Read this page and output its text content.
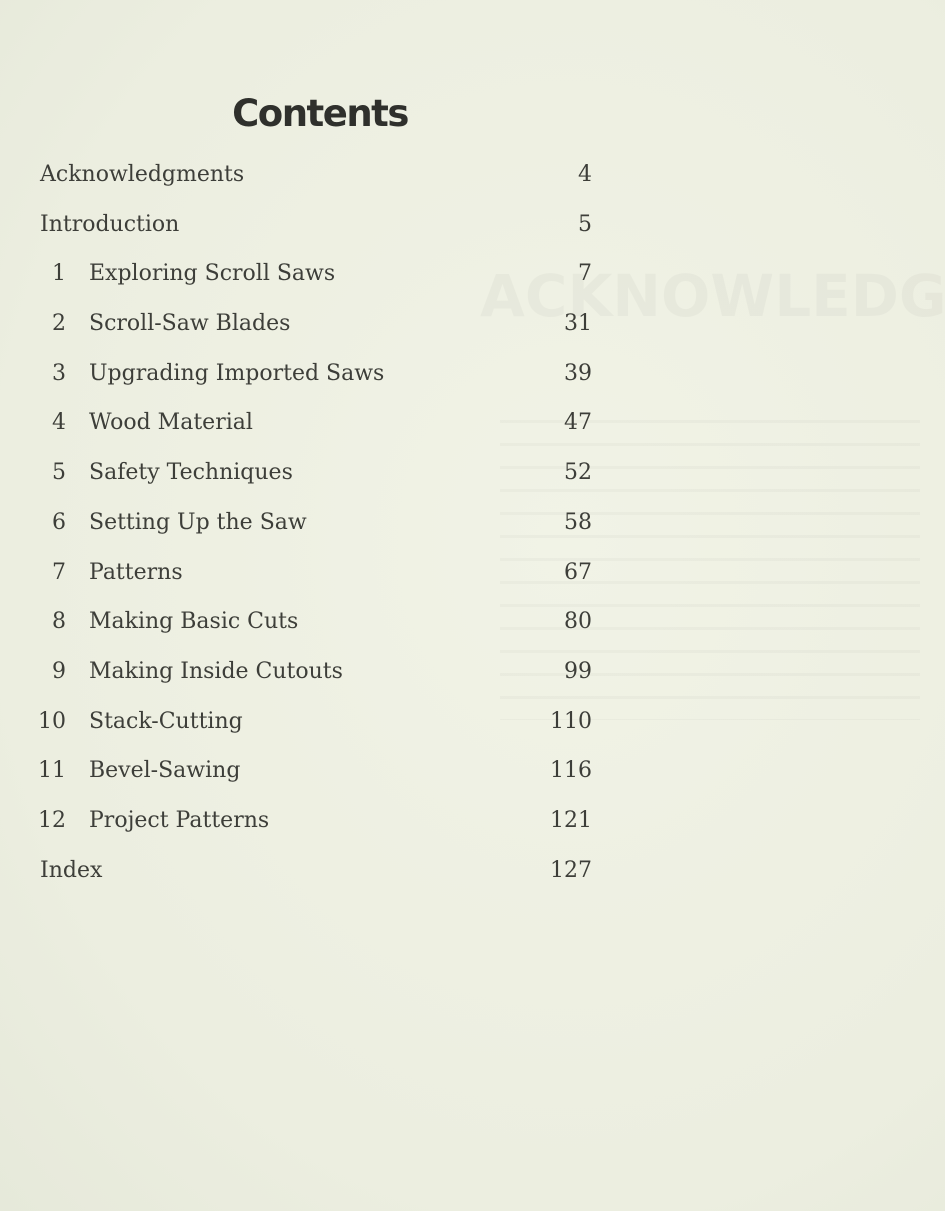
Contents
Acknowledgments	4
Introduction	5
1 Exploring Scroll Saws	7
2 Scroll-Saw Blades	31
3 Upgrading Imported Saws	39
4 Wood Material	47
5 Safety Techniques	52
6 Setting Up the Saw	58
7 Patterns	67
8 Making Basic Cuts	80
9 Making Inside Cutouts	99
10 Stack-Cutting	110
11 Bevel-Sawing	116
12 Project Patterns	121
Index	127
